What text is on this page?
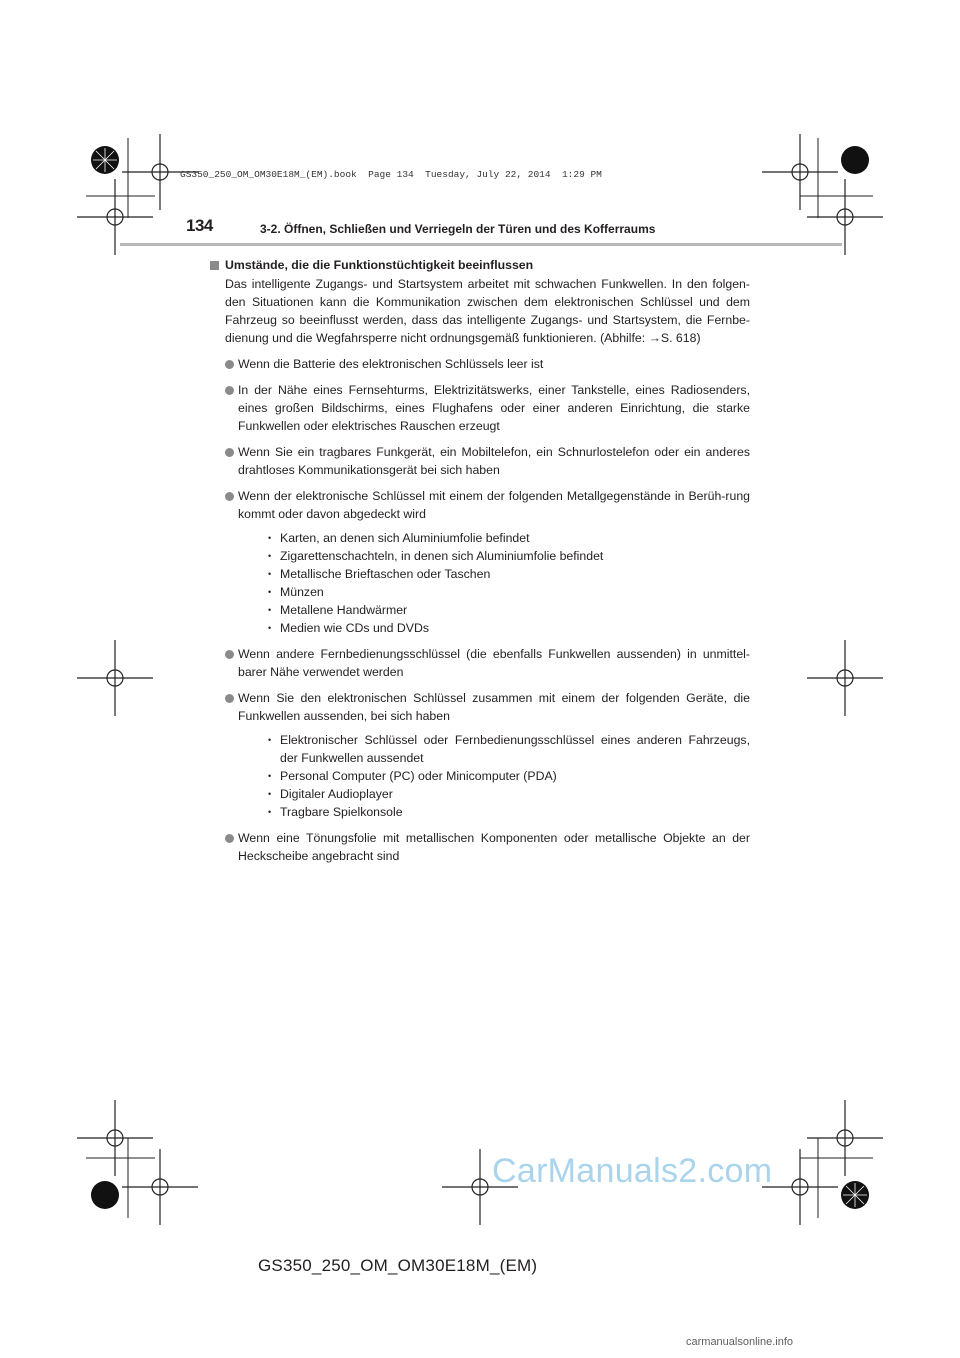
GS350_250_OM_OM30E18M_(EM).book  Page 134  Tuesday, July 22, 2014  1:29 PM
134	3-2. Öffnen, Schließen und Verriegeln der Türen und des Kofferraums
Umstände, die die Funktionstüchtigkeit beeinflussen
Das intelligente Zugangs- und Startsystem arbeitet mit schwachen Funkwellen. In den folgen-den Situationen kann die Kommunikation zwischen dem elektronischen Schlüssel und dem Fahrzeug so beeinflusst werden, dass das intelligente Zugangs- und Startsystem, die Fernbe-dienung und die Wegfahrsperre nicht ordnungsgemäß funktionieren. (Abhilfe: →S. 618)
Wenn die Batterie des elektronischen Schlüssels leer ist
In der Nähe eines Fernsehturms, Elektrizitätswerks, einer Tankstelle, eines Radiosenders, eines großen Bildschirms, eines Flughafens oder einer anderen Einrichtung, die starke Funkwellen oder elektrisches Rauschen erzeugt
Wenn Sie ein tragbares Funkgerät, ein Mobiltelefon, ein Schnurlostelefon oder ein anderes drahtloses Kommunikationsgerät bei sich haben
Wenn der elektronische Schlüssel mit einem der folgenden Metallgegenstände in Berüh-rung kommt oder davon abgedeckt wird
• Karten, an denen sich Aluminiumfolie befindet
• Zigarettenschachteln, in denen sich Aluminiumfolie befindet
• Metallische Brieftaschen oder Taschen
• Münzen
• Metallene Handwärmer
• Medien wie CDs und DVDs
Wenn andere Fernbedienungsschlüssel (die ebenfalls Funkwellen aussenden) in unmittel-barer Nähe verwendet werden
Wenn Sie den elektronischen Schlüssel zusammen mit einem der folgenden Geräte, die Funkwellen aussenden, bei sich haben
• Elektronischer Schlüssel oder Fernbedienungsschlüssel eines anderen Fahrzeugs, der Funkwellen aussendet
• Personal Computer (PC) oder Minicomputer (PDA)
• Digitaler Audioplayer
• Tragbare Spielkonsole
Wenn eine Tönungsfolie mit metallischen Komponenten oder metallische Objekte an der Heckscheibe angebracht sind
CarManuals2.com
GS350_250_OM_OM30E18M_(EM)
carmanualsonline.info
